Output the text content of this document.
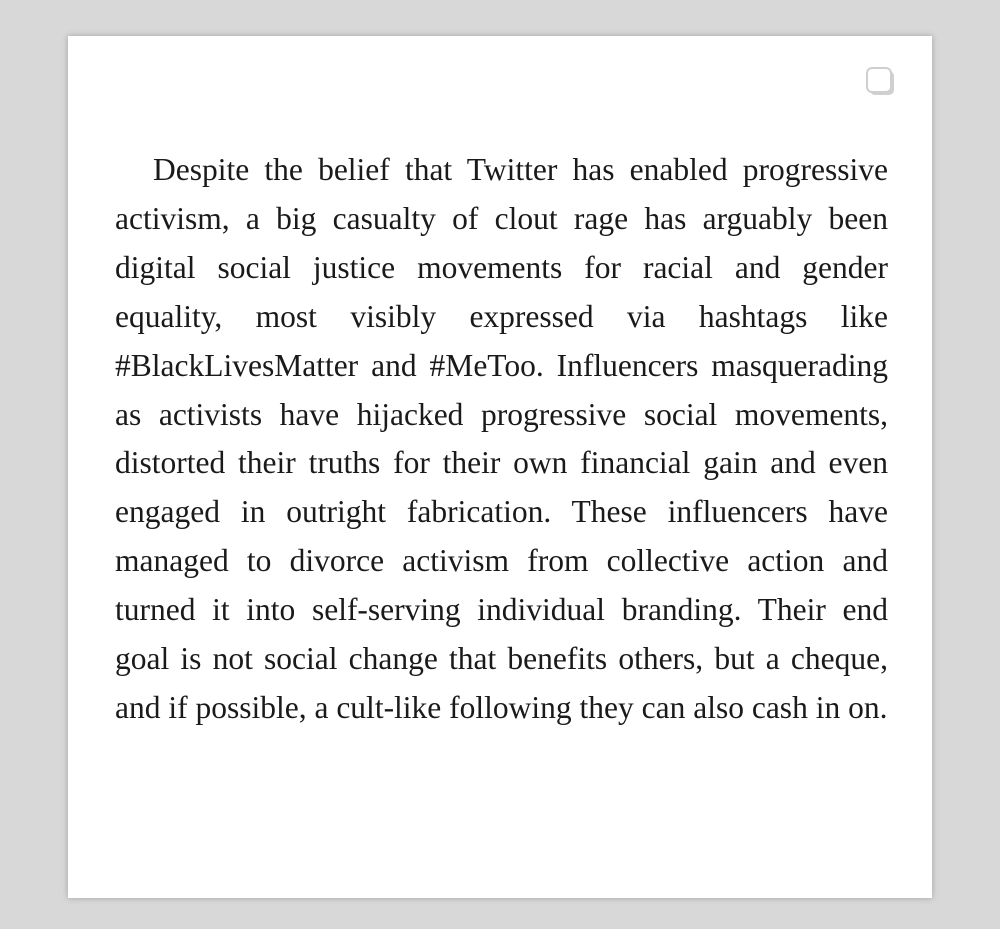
Despite the belief that Twitter has enabled progressive activism, a big casualty of clout rage has arguably been digital social justice movements for racial and gender equality, most visibly expressed via hashtags like #BlackLivesMatter and #MeToo. Influencers masquerading as activists have hijacked progressive social movements, distorted their truths for their own financial gain and even engaged in outright fabrication. These influencers have managed to divorce activism from collective action and turned it into self-serving individual branding. Their end goal is not social change that benefits others, but a cheque, and if possible, a cult-like following they can also cash in on.
